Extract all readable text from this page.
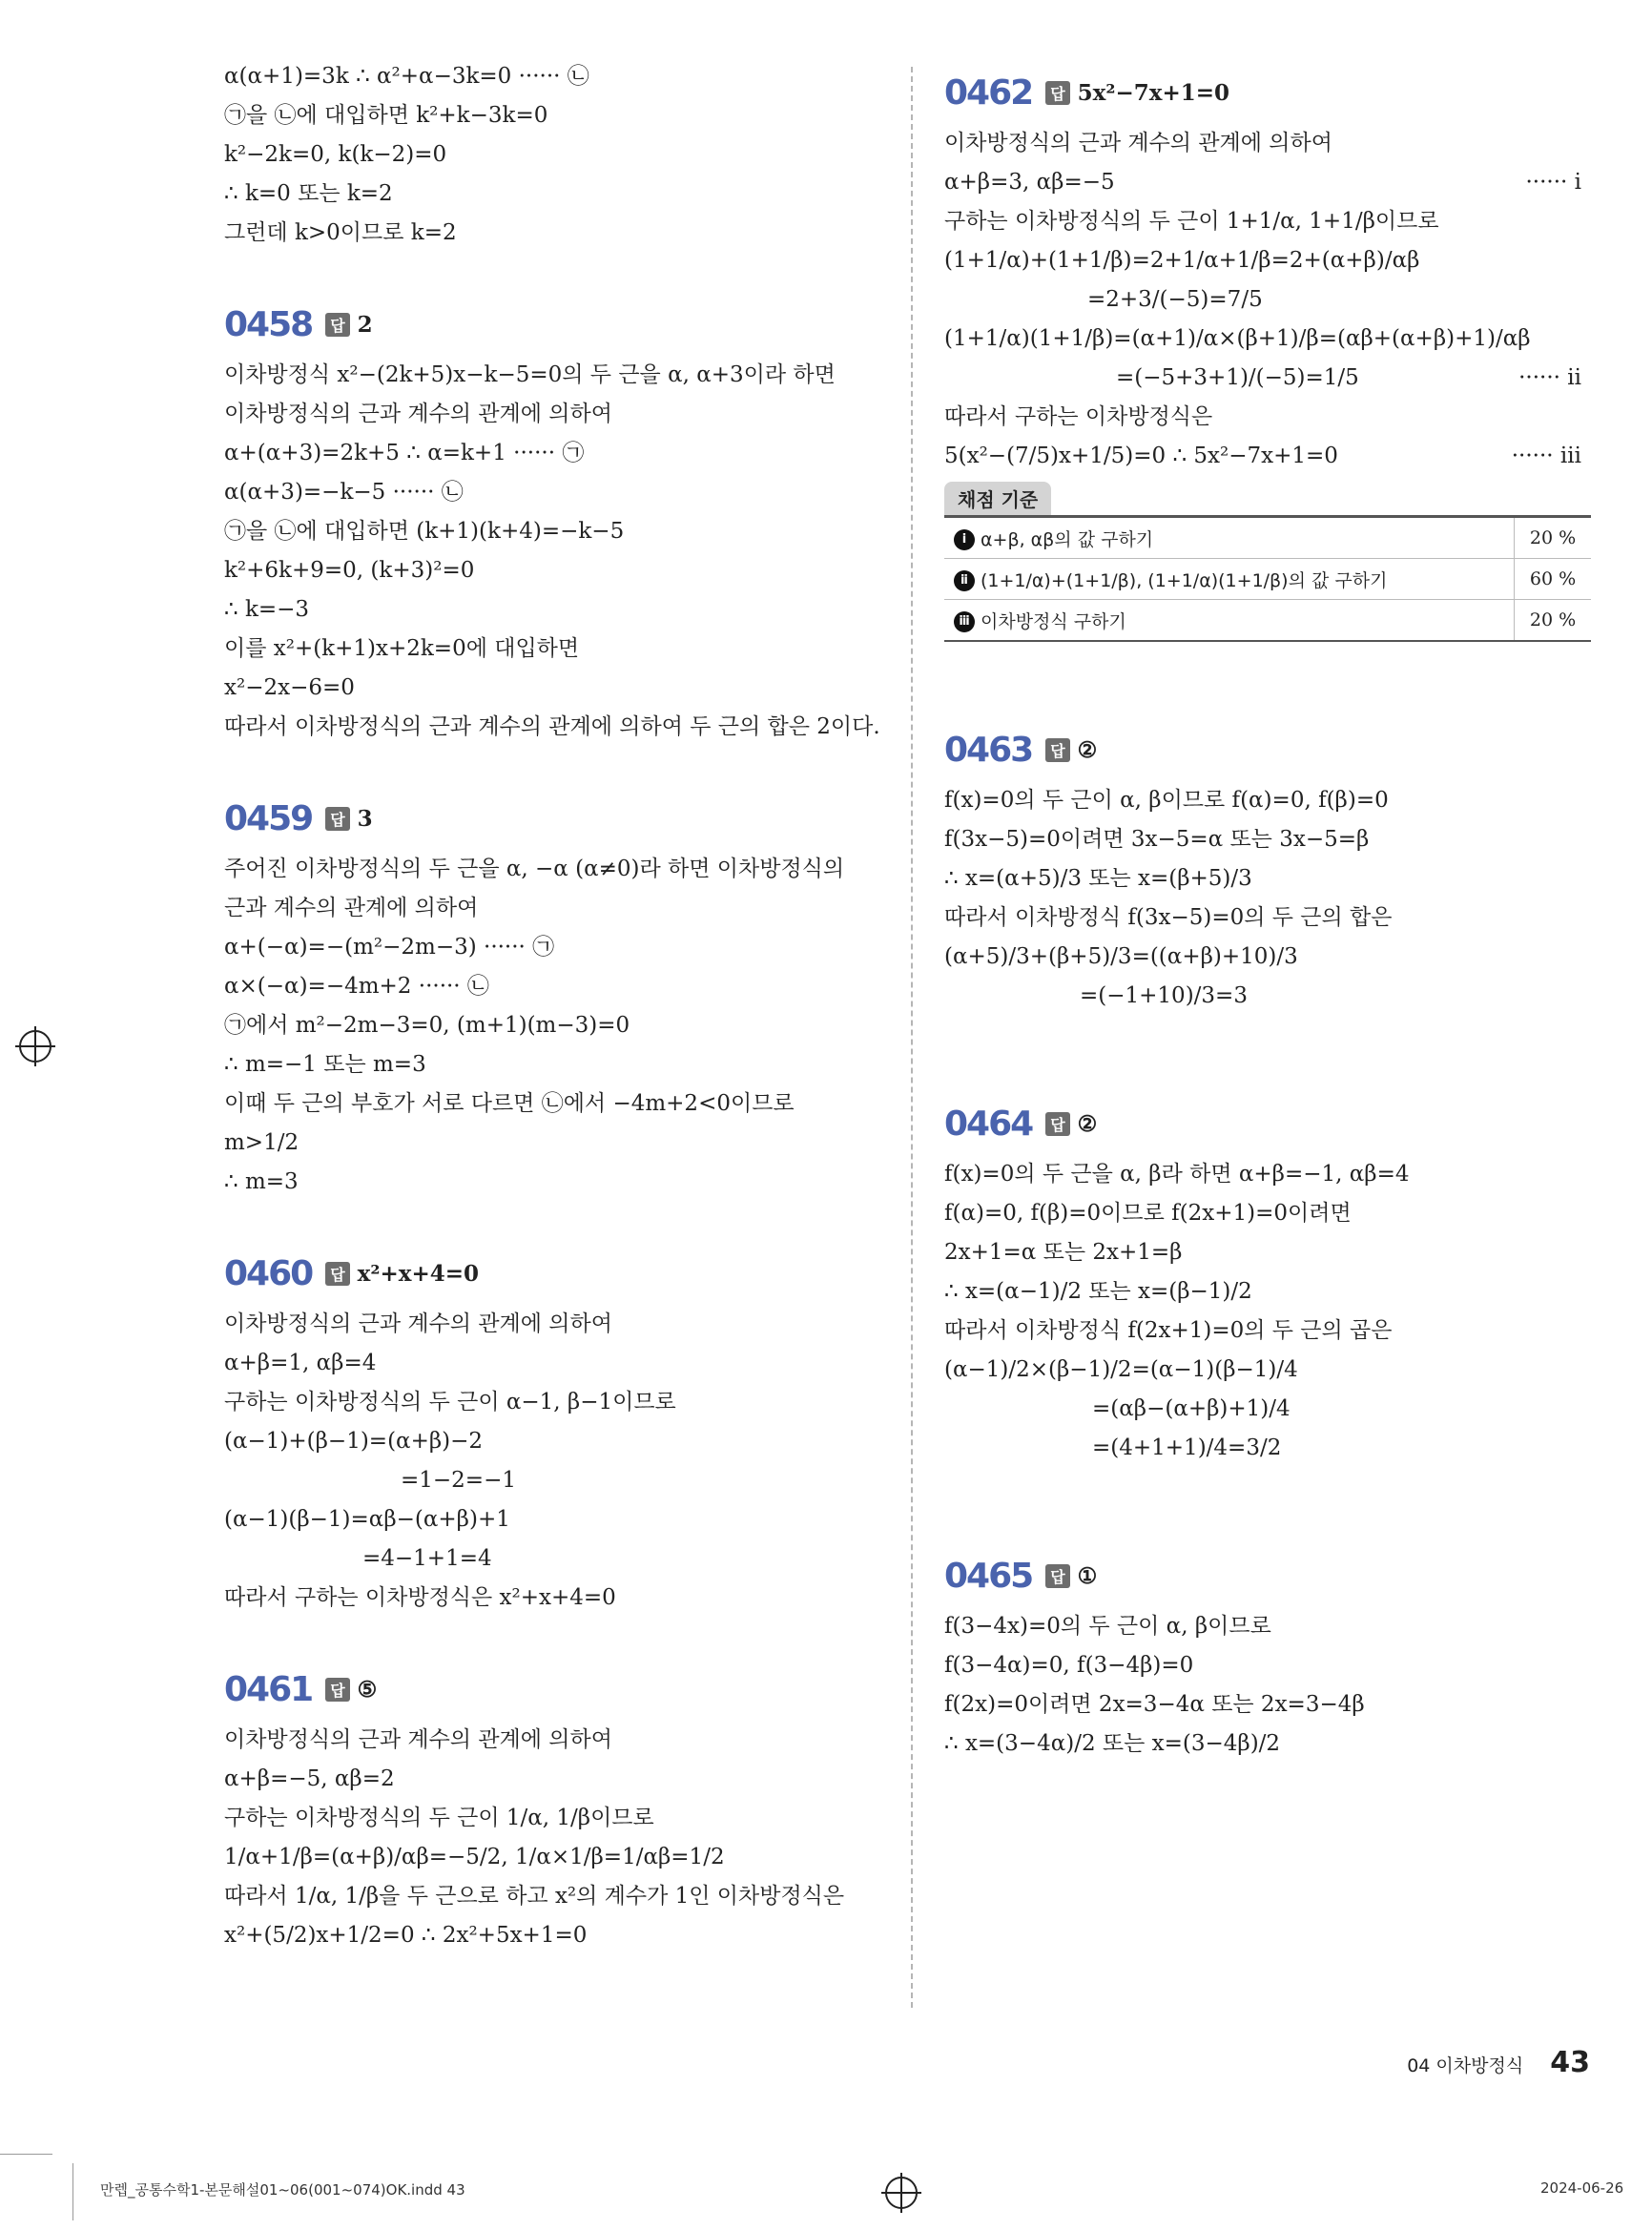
α(α+1)=3k ∴ α²+α−3k=0 ······ ㉡
㉠을 ㉡에 대입하면 k²+k−3k=0
k²−2k=0, k(k−2)=0
∴ k=0 또는 k=2
그런데 k>0이므로 k=2
0458	답 2
이차방정식 x²−(2k+5)x−k−5=0의 두 근을 α, α+3이라 하면
이차방정식의 근과 계수의 관계에 의하여
α+(α+3)=2k+5 ∴ α=k+1 ······ ㉠
α(α+3)=−k−5 ······ ㉡
㉠을 ㉡에 대입하면 (k+1)(k+4)=−k−5
k²+6k+9=0, (k+3)²=0
∴ k=−3
이를 x²+(k+1)x+2k=0에 대입하면
x²−2x−6=0
따라서 이차방정식의 근과 계수의 관계에 의하여 두 근의 합은 2이다.
0459	답 3
주어진 이차방정식의 두 근을 α, −α (α≠0)라 하면 이차방정식의
근과 계수의 관계에 의하여
α+(−α)=−(m²−2m−3) ······ ㉠
α×(−α)=−4m+2 ······ ㉡
㉠에서 m²−2m−3=0, (m+1)(m−3)=0
∴ m=−1 또는 m=3
이때 두 근의 부호가 서로 다르면 ㉡에서 −4m+2<0이므로
m>1/2
∴ m=3
0460	답 x²+x+4=0
이차방정식의 근과 계수의 관계에 의하여
α+β=1, αβ=4
구하는 이차방정식의 두 근이 α−1, β−1이므로
(α−1)+(β−1)=(α+β)−2
=1−2=−1
(α−1)(β−1)=αβ−(α+β)+1
=4−1+1=4
따라서 구하는 이차방정식은 x²+x+4=0
0461	답 ⑤
이차방정식의 근과 계수의 관계에 의하여
α+β=−5, αβ=2
구하는 이차방정식의 두 근이 1/α, 1/β이므로
1/α+1/β=(α+β)/αβ=−5/2, 1/α×1/β=1/αβ=1/2
따라서 1/α, 1/β을 두 근으로 하고 x²의 계수가 1인 이차방정식은
x²+(5/2)x+1/2=0 ∴ 2x²+5x+1=0
0462	답 5x²−7x+1=0
이차방정식의 근과 계수의 관계에 의하여
α+β=3, αβ=−5	······ ⅰ
구하는 이차방정식의 두 근이 1+1/α, 1+1/β이므로
(1+1/α)+(1+1/β)=2+1/α+1/β=2+(α+β)/αβ
=2+3/(−5)=7/5
(1+1/α)(1+1/β)=(α+1)/α×(β+1)/β=(αβ+(α+β)+1)/αβ
=(−5+3+1)/(−5)=1/5	······ ⅱ
따라서 구하는 이차방정식은
5(x²−(7/5)x+1/5)=0 ∴ 5x²−7x+1=0	······ ⅲ
채점 기준
ⅰ α+β, αβ의 값 구하기	20 %
ⅱ (1+1/α)+(1+1/β), (1+1/α)(1+1/β)의 값 구하기	60 %
ⅲ 이차방정식 구하기	20 %
0463	답 ②
f(x)=0의 두 근이 α, β이므로 f(α)=0, f(β)=0
f(3x−5)=0이려면 3x−5=α 또는 3x−5=β
∴ x=(α+5)/3 또는 x=(β+5)/3
따라서 이차방정식 f(3x−5)=0의 두 근의 합은
(α+5)/3+(β+5)/3=((α+β)+10)/3
=(−1+10)/3=3
0464	답 ②
f(x)=0의 두 근을 α, β라 하면 α+β=−1, αβ=4
f(α)=0, f(β)=0이므로 f(2x+1)=0이려면
2x+1=α 또는 2x+1=β
∴ x=(α−1)/2 또는 x=(β−1)/2
따라서 이차방정식 f(2x+1)=0의 두 근의 곱은
(α−1)/2×(β−1)/2=(α−1)(β−1)/4
=(αβ−(α+β)+1)/4
=(4+1+1)/4=3/2
0465	답 ①
f(3−4x)=0의 두 근이 α, β이므로
f(3−4α)=0, f(3−4β)=0
f(2x)=0이려면 2x=3−4α 또는 2x=3−4β
∴ x=(3−4α)/2 또는 x=(3−4β)/2
04 이차방정식 43
만렙_공통수학1-본문해설01~06(001~074)OK.indd 43	2024-06-26
